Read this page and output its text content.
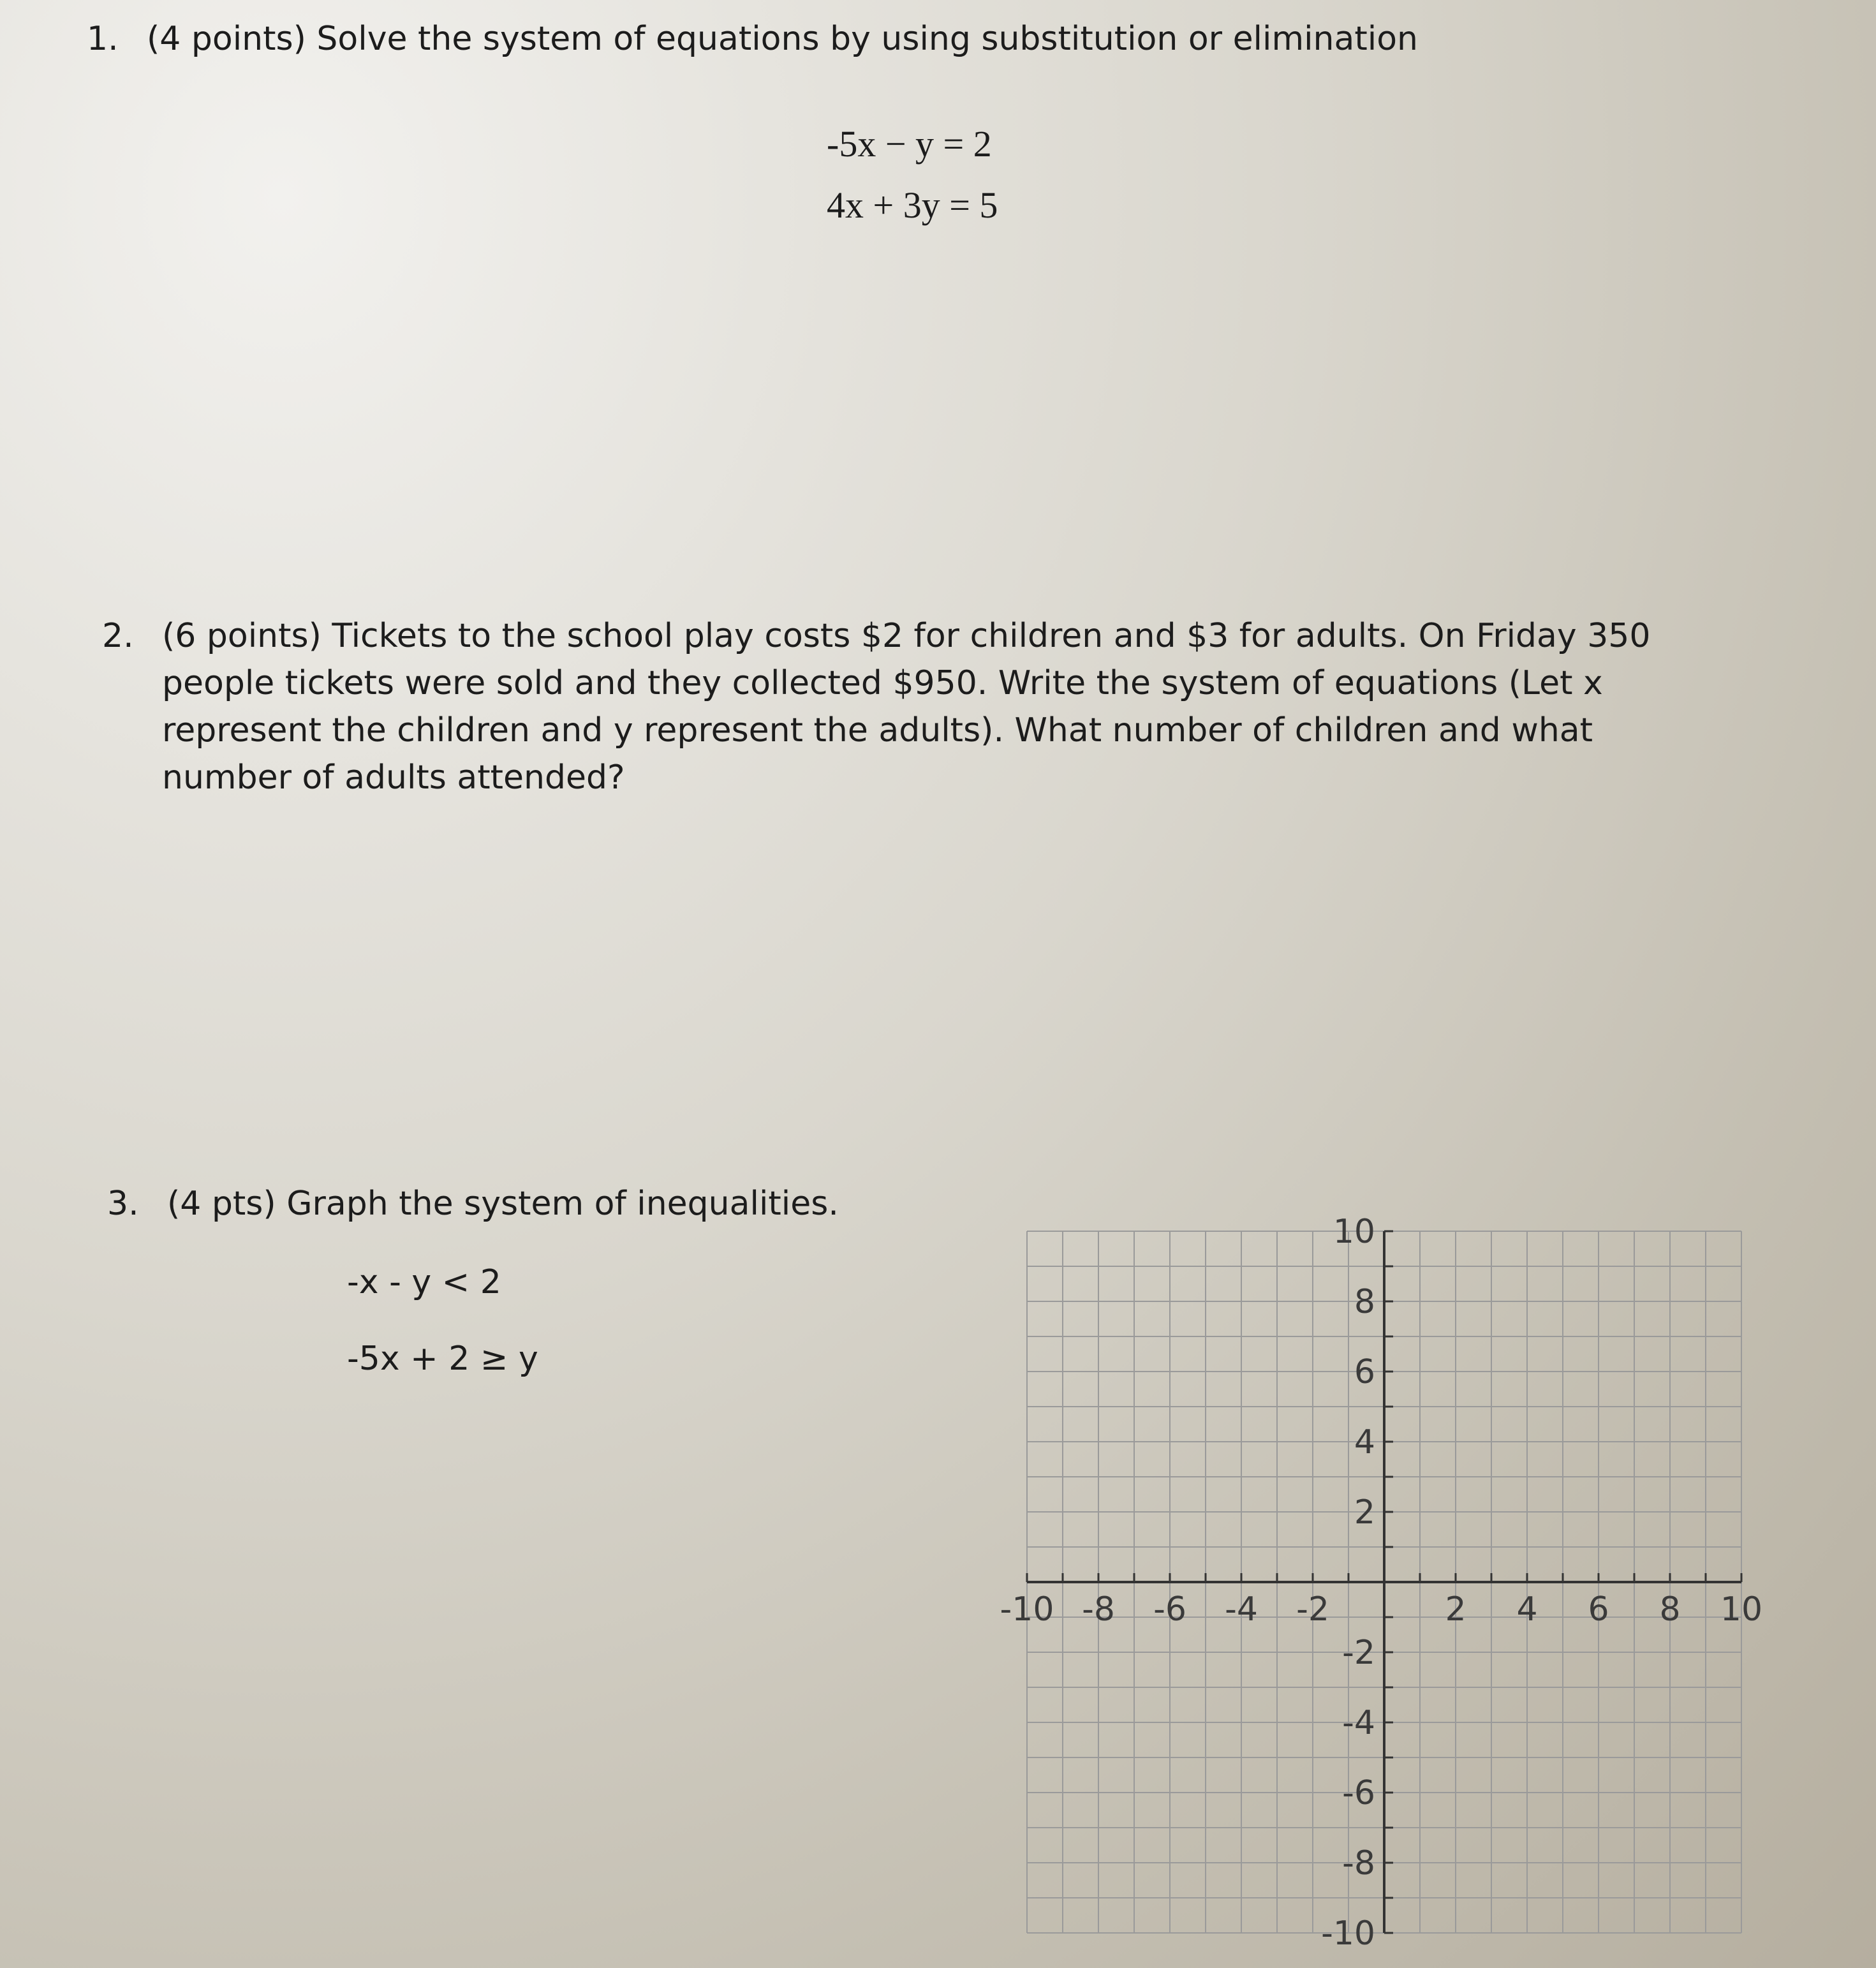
1. (4 points) Solve the system of equations by using substitution or elimination
-5x − y = 2
4x + 3y = 5
2. (6 points) Tickets to the school play costs $2 for children and $3 for adults. On Friday 350 people tickets were sold and they collected $950. Write the system of equations (Let x represent the children and y represent the adults). What number of children and what number of adults attended?
3. (4 pts) Graph the system of inequalities.
-x - y < 2
-5x + 2 ≥ y
-10 -8 -6 -4 -2	2 4 6 8 10
10
8
6
4
2
-2
-4
-6
-8
-10
